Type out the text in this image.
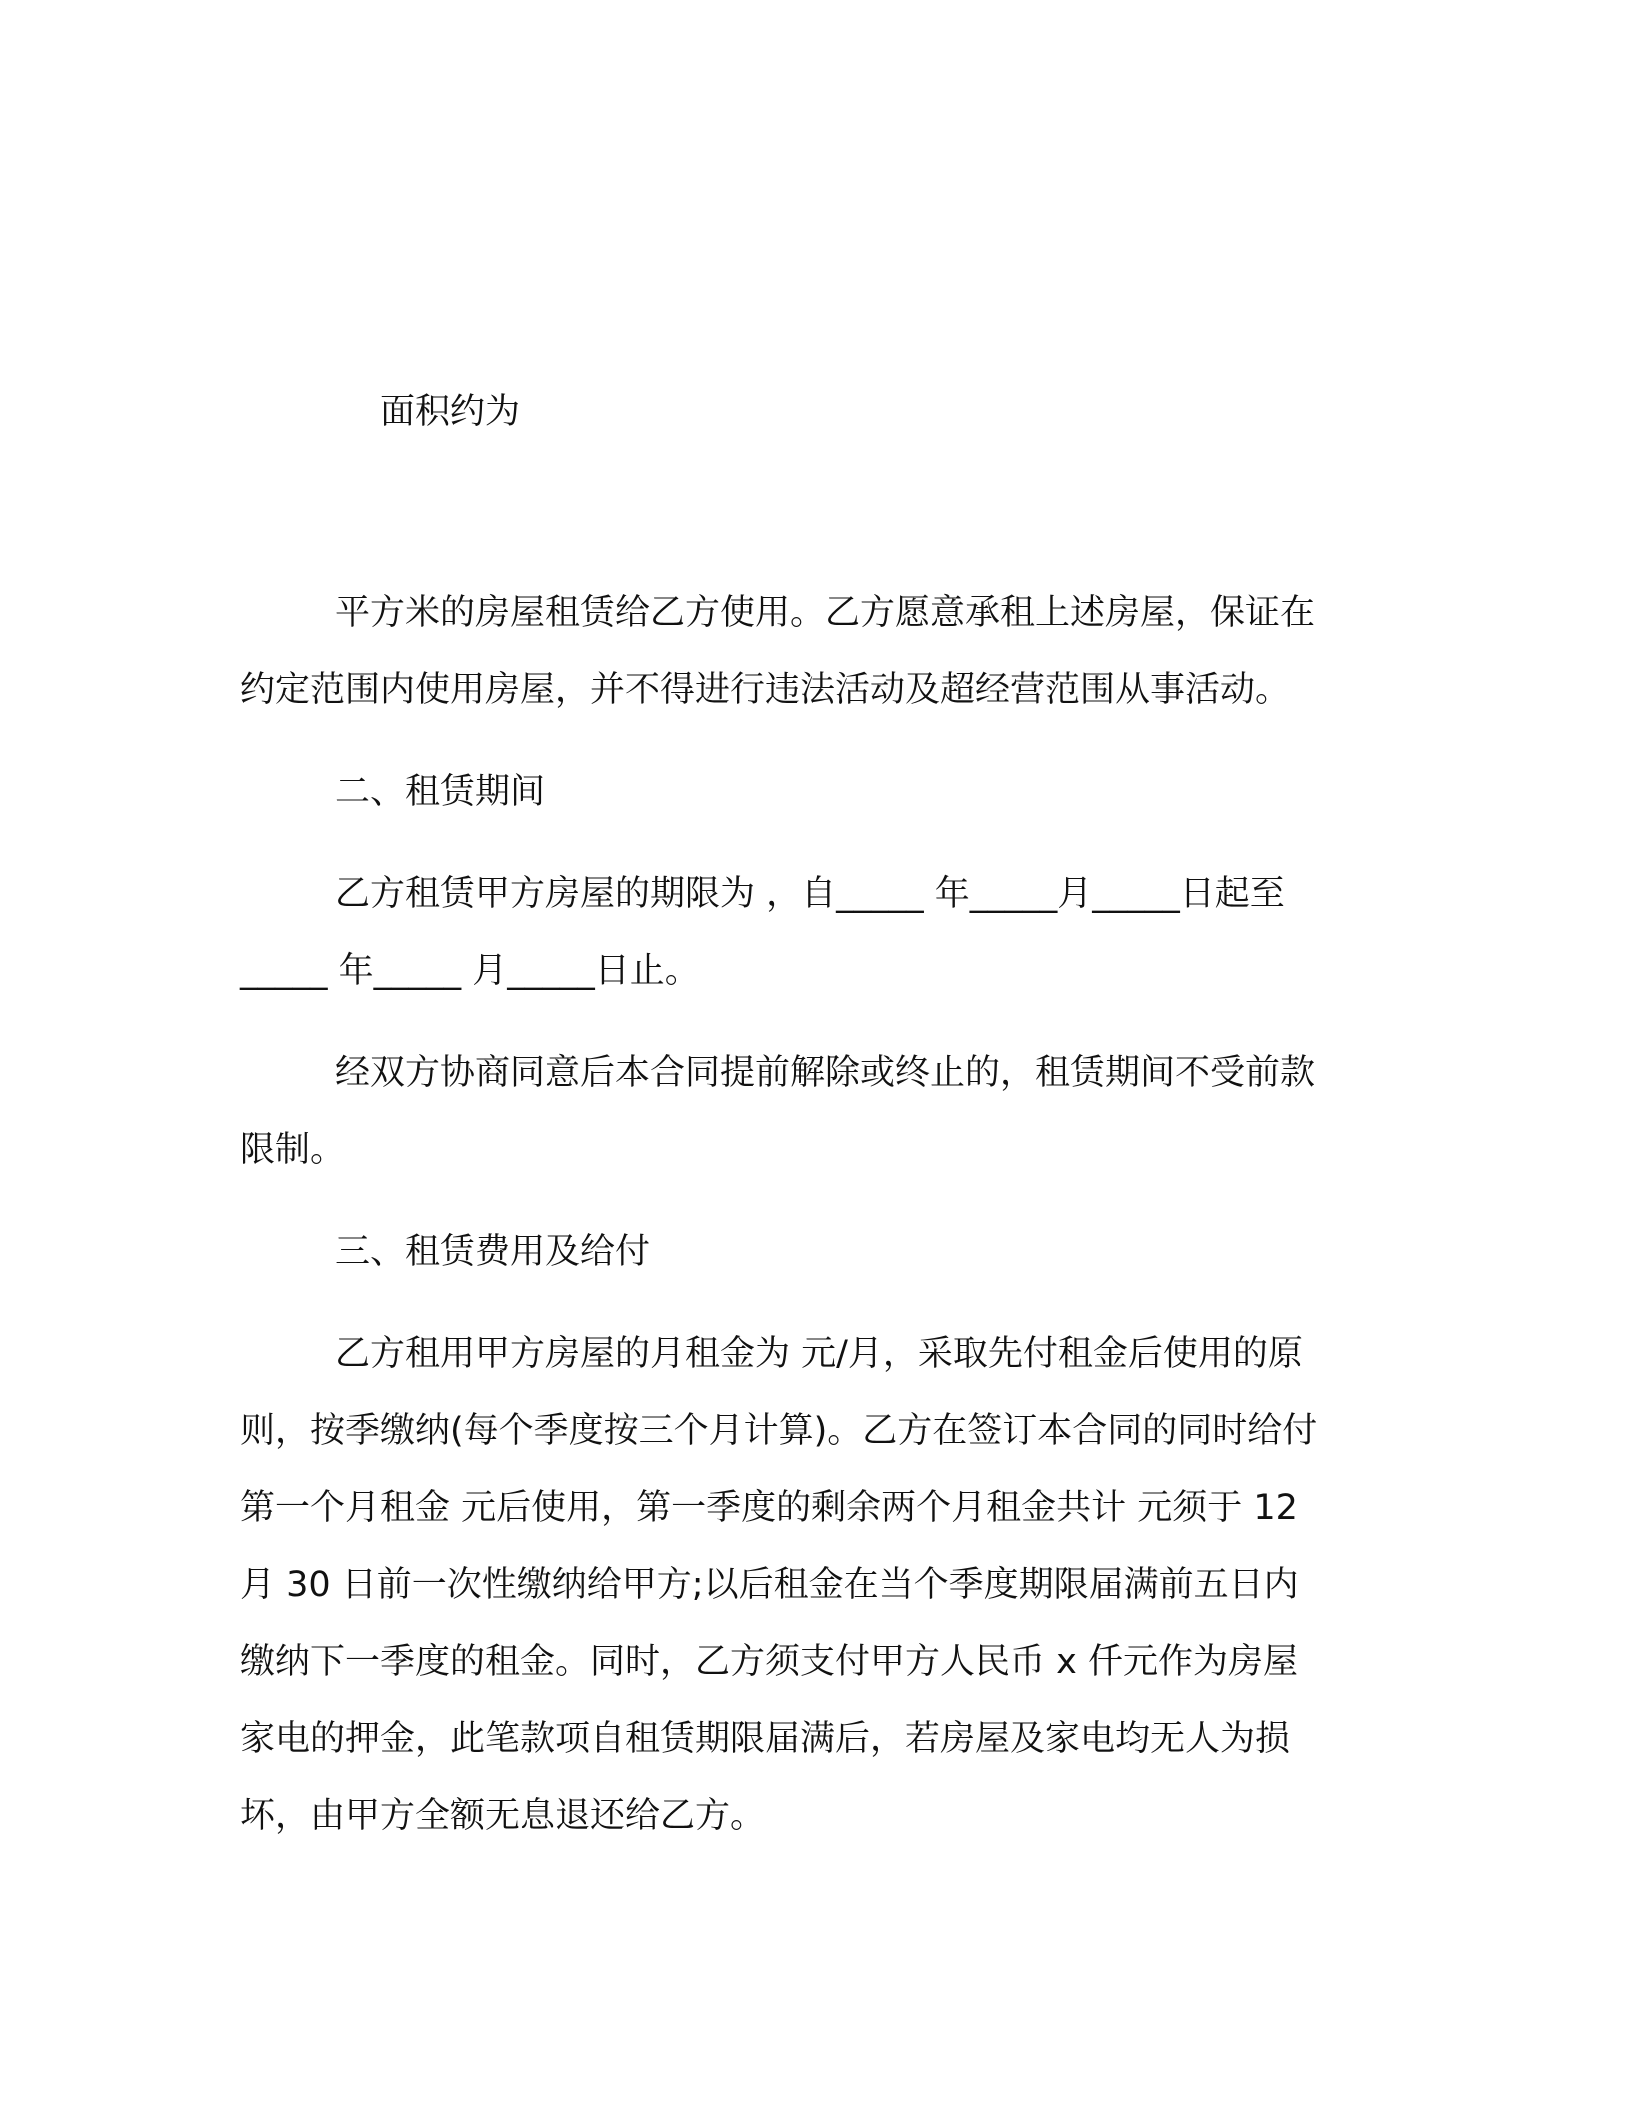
面积约为
平方米的房屋租赁给乙方使用。乙方愿意承租上述房屋，保证在
约定范围内使用房屋，并不得进行违法活动及超经营范围从事活动。
二、租赁期间
乙方租赁甲方房屋的期限为 ，自_____ 年_____月_____日起至
_____ 年_____ 月_____日止。
经双方协商同意后本合同提前解除或终止的，租赁期间不受前款
限制。
三、租赁费用及给付
乙方租用甲方房屋的月租金为 元/月，采取先付租金后使用的原
则，按季缴纳(每个季度按三个月计算)。乙方在签订本合同的同时给付
第一个月租金 元后使用，第一季度的剩余两个月租金共计 元须于 12
月 30 日前一次性缴纳给甲方;以后租金在当个季度期限届满前五日内
缴纳下一季度的租金。同时，乙方须支付甲方人民币 x 仟元作为房屋
家电的押金，此笔款项自租赁期限届满后，若房屋及家电均无人为损
坏，由甲方全额无息退还给乙方。
